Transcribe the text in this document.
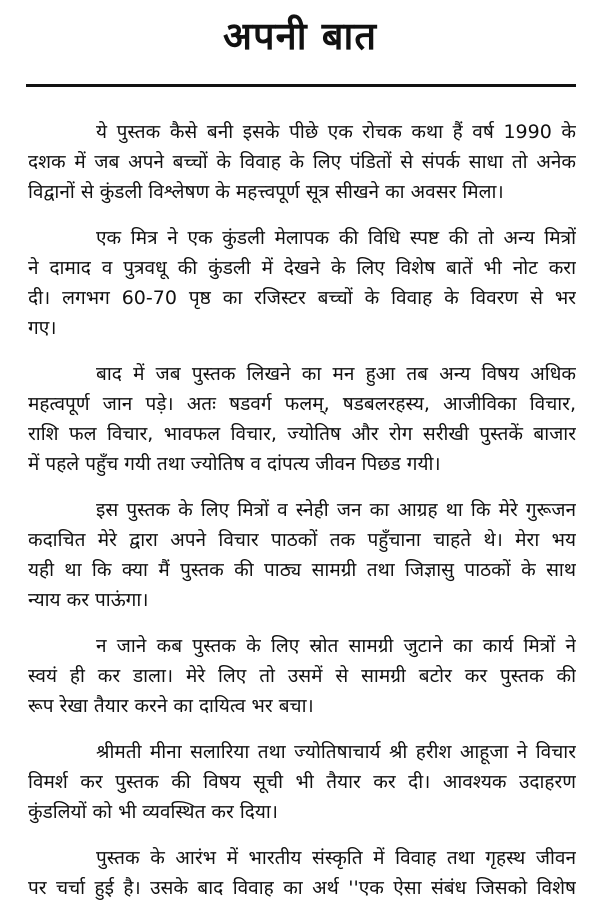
अपनी बात
ये पुस्तक कैसे बनी इसके पीछे एक रोचक कथा हैं वर्ष 1990 के
दशक में जब अपने बच्चों के विवाह के लिए पंडितों से संपर्क साधा तो अनेक
विद्वानों से कुंडली विश्लेषण के महत्त्वपूर्ण सूत्र सीखने का अवसर मिला।
एक मित्र ने एक कुंडली मेलापक की विधि स्पष्ट की तो अन्य मित्रों
ने दामाद व पुत्रवधू की कुंडली में देखने के लिए विशेष बातें भी नोट करा
दी। लगभग 60-70 पृष्ठ का रजिस्टर बच्चों के विवाह के विवरण से भर
गए।
बाद में जब पुस्तक लिखने का मन हुआ तब अन्य विषय अधिक
महत्वपूर्ण जान पड़े। अतः षडवर्ग फलम्, षडबलरहस्य, आजीविका विचार,
राशि फल विचार, भावफल विचार, ज्योतिष और रोग सरीखी पुस्तकें बाजार
में पहले पहुँच गयी तथा ज्योतिष व दांपत्य जीवन पिछड गयी।
इस पुस्तक के लिए मित्रों व स्नेही जन का आग्रह था कि मेरे गुरूजन
कदाचित मेरे द्वारा अपने विचार पाठकों तक पहुँचाना चाहते थे। मेरा भय
यही था कि क्या मैं पुस्तक की पाठ्य सामग्री तथा जिज्ञासु पाठकों के साथ
न्याय कर पाऊंगा।
न जाने कब पुस्तक के लिए स्रोत सामग्री जुटाने का कार्य मित्रों ने
स्वयं ही कर डाला। मेरे लिए तो उसमें से सामग्री बटोर कर पुस्तक की
रूप रेखा तैयार करने का दायित्व भर बचा।
श्रीमती मीना सलारिया तथा ज्योतिषाचार्य श्री हरीश आहूजा ने विचार
विमर्श कर पुस्तक की विषय सूची भी तैयार कर दी। आवश्यक उदाहरण
कुंडलियों को भी व्यवस्थित कर दिया।
पुस्तक के आरंभ में भारतीय संस्कृति में विवाह तथा गृहस्थ जीवन
पर चर्चा हुई है। उसके बाद विवाह का अर्थ ''एक ऐसा संबंध जिसको विशेष
